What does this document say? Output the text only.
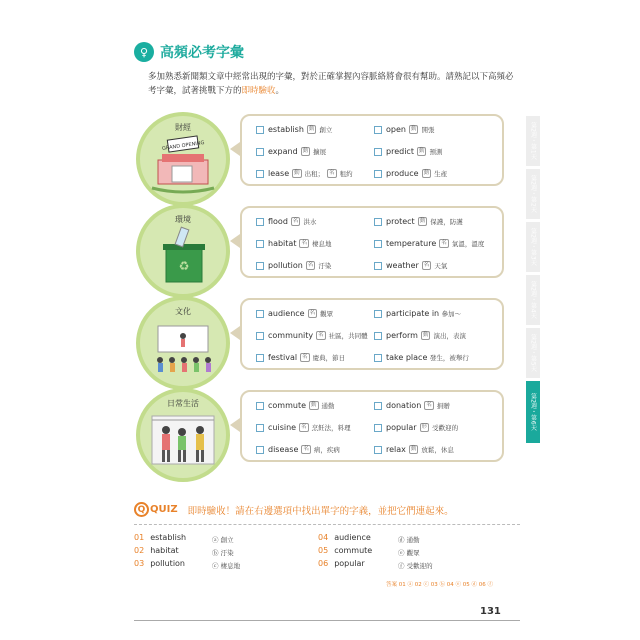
♀ 高頻必考字彙
多加熟悉新聞類文章中經常出現的字彙，對於正確掌握內容脈絡將會很有幫助。請熟記以下高頻必考字彙，試著挑戰下方的即時驗收。
財經
GRAND OPENING
establish 動 創立
expand 動 擴展
lease 動 出租； 名 租約
open 動 開張
predict 動 預測
produce 動 生產
環境
♻
flood 名 洪水
habitat 名 棲息地
pollution 名 汙染
protect 動 保護，防護
temperature 名 氣溫，溫度
weather 名 天氣
文化	audience 名 觀眾
community 名 社區，共同體
festival 名 慶典，節日
participate in
參加～
perform 動 演出，表演
take place
發生，被舉行
日常生活	commute 動 通勤
cuisine 名 烹飪法，料理
disease 名 病，疾病
donation 名 捐贈
popular 形 受歡迎的
relax 動 放鬆，休息
第2週・第1天
第2週・第2天
第2週・第3天
第2週・第4天
第2週・第5天
第2週・第6天
Q QUIZ 即時驗收！請在右邊選項中找出單字的字義，並把它們連起來。
01 establish
02 habitat
03 pollution
ⓐ 創立
ⓑ 汙染
ⓒ 棲息地
04 audience
05 commute
06 popular
ⓓ 通勤
ⓔ 觀眾
ⓕ 受歡迎的
答案 01 ⓐ 02 ⓒ 03 ⓑ 04 ⓔ 05 ⓓ 06 ⓕ
131
